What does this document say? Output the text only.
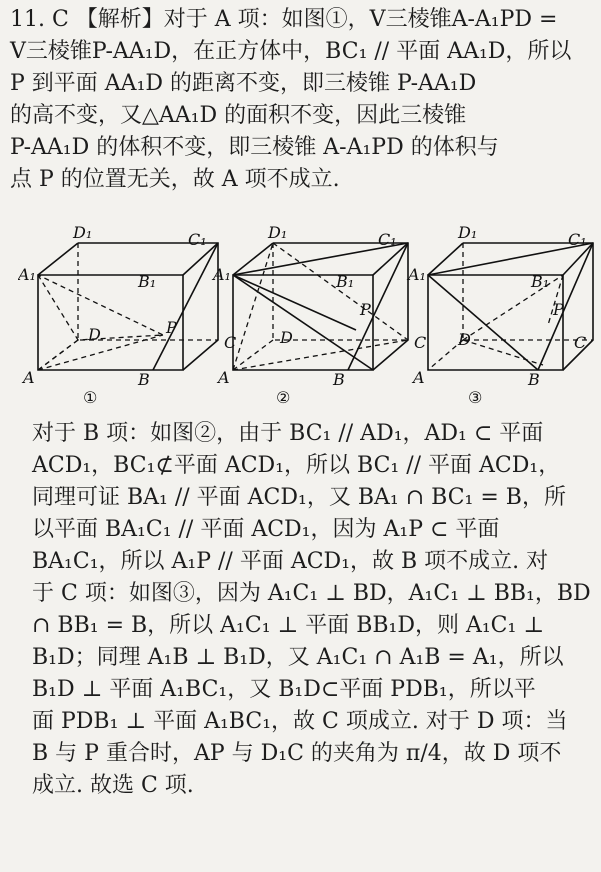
11. C 【解析】对于 A 项：如图①，V三棱锥A-A₁PD =
V三棱锥P-AA₁D，在正方体中，BC₁ // 平面 AA₁D，所以
P 到平面 AA₁D 的距离不变，即三棱锥 P-AA₁D
的高不变，又△AA₁D 的面积不变，因此三棱锥
P-AA₁D 的体积不变，即三棱锥 A-A₁PD 的体积与
点 P 的位置无关，故 A 项不成立.
A₁
D₁	C₁
B₁
D	P
C
A	B
①
A₁
D₁	C₁
B₁
D
P
C
A	B
②
A₁
D₁	C₁
B₁
D
P
C
A	B
③
对于 B 项：如图②，由于 BC₁ // AD₁，AD₁ ⊂ 平面
ACD₁，BC₁⊄平面 ACD₁，所以 BC₁ // 平面 ACD₁，
同理可证 BA₁ // 平面 ACD₁，又 BA₁ ∩ BC₁ = B，所
以平面 BA₁C₁ // 平面 ACD₁，因为 A₁P ⊂ 平面
BA₁C₁，所以 A₁P // 平面 ACD₁，故 B 项不成立. 对
于 C 项：如图③，因为 A₁C₁ ⊥ BD，A₁C₁ ⊥ BB₁，BD
∩ BB₁ = B，所以 A₁C₁ ⊥ 平面 BB₁D，则 A₁C₁ ⊥
B₁D；同理 A₁B ⊥ B₁D，又 A₁C₁ ∩ A₁B = A₁，所以
B₁D ⊥ 平面 A₁BC₁，又 B₁D⊂平面 PDB₁，所以平
面 PDB₁ ⊥ 平面 A₁BC₁，故 C 项成立. 对于 D 项：当
B 与 P 重合时，AP 与 D₁C 的夹角为 π/4，故 D 项不
成立. 故选 C 项.
